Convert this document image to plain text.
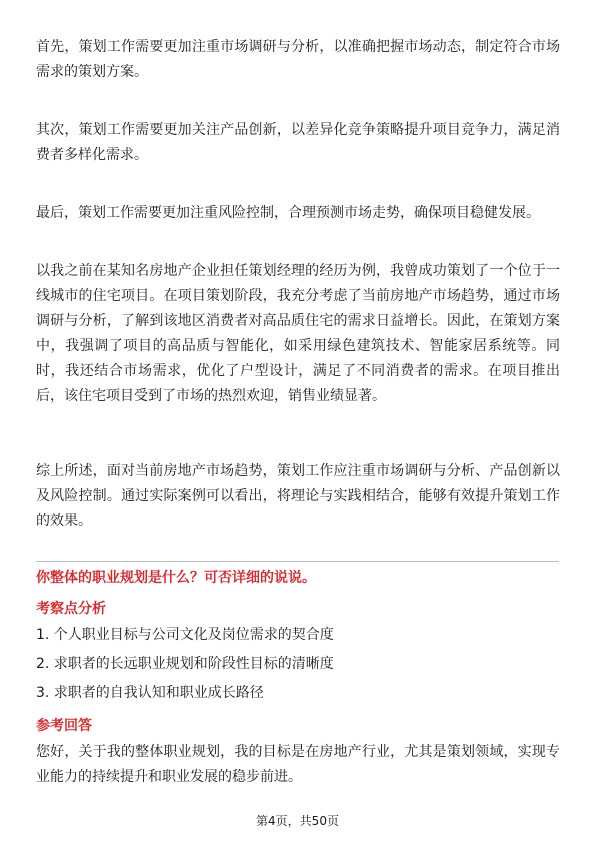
首先，策划工作需要更加注重市场调研与分析，以准确把握市场动态，制定符合市场需求的策划方案。

其次，策划工作需要更加关注产品创新，以差异化竞争策略提升项目竞争力，满足消费者多样化需求。

最后，策划工作需要更加注重风险控制，合理预测市场走势，确保项目稳健发展。

以我之前在某知名房地产企业担任策划经理的经历为例，我曾成功策划了一个位于一线城市的住宅项目。在项目策划阶段，我充分考虑了当前房地产市场趋势，通过市场调研与分析，了解到该地区消费者对高品质住宅的需求日益增长。因此，在策划方案中，我强调了项目的高品质与智能化，如采用绿色建筑技术、智能家居系统等。同时，我还结合市场需求，优化了户型设计，满足了不同消费者的需求。在项目推出后，该住宅项目受到了市场的热烈欢迎，销售业绩显著。

综上所述，面对当前房地产市场趋势，策划工作应注重市场调研与分析、产品创新以及风险控制。通过实际案例可以看出，将理论与实践相结合，能够有效提升策划工作的效果。

你整体的职业规划是什么？可否详细的说说。

考察点分析

1. 个人职业目标与公司文化及岗位需求的契合度

2. 求职者的长远职业规划和阶段性目标的清晰度

3. 求职者的自我认知和职业成长路径

参考回答

您好，关于我的整体职业规划，我的目标是在房地产行业，尤其是策划领域，实现专业能力的持续提升和职业发展的稳步前进。

第4页，共50页
